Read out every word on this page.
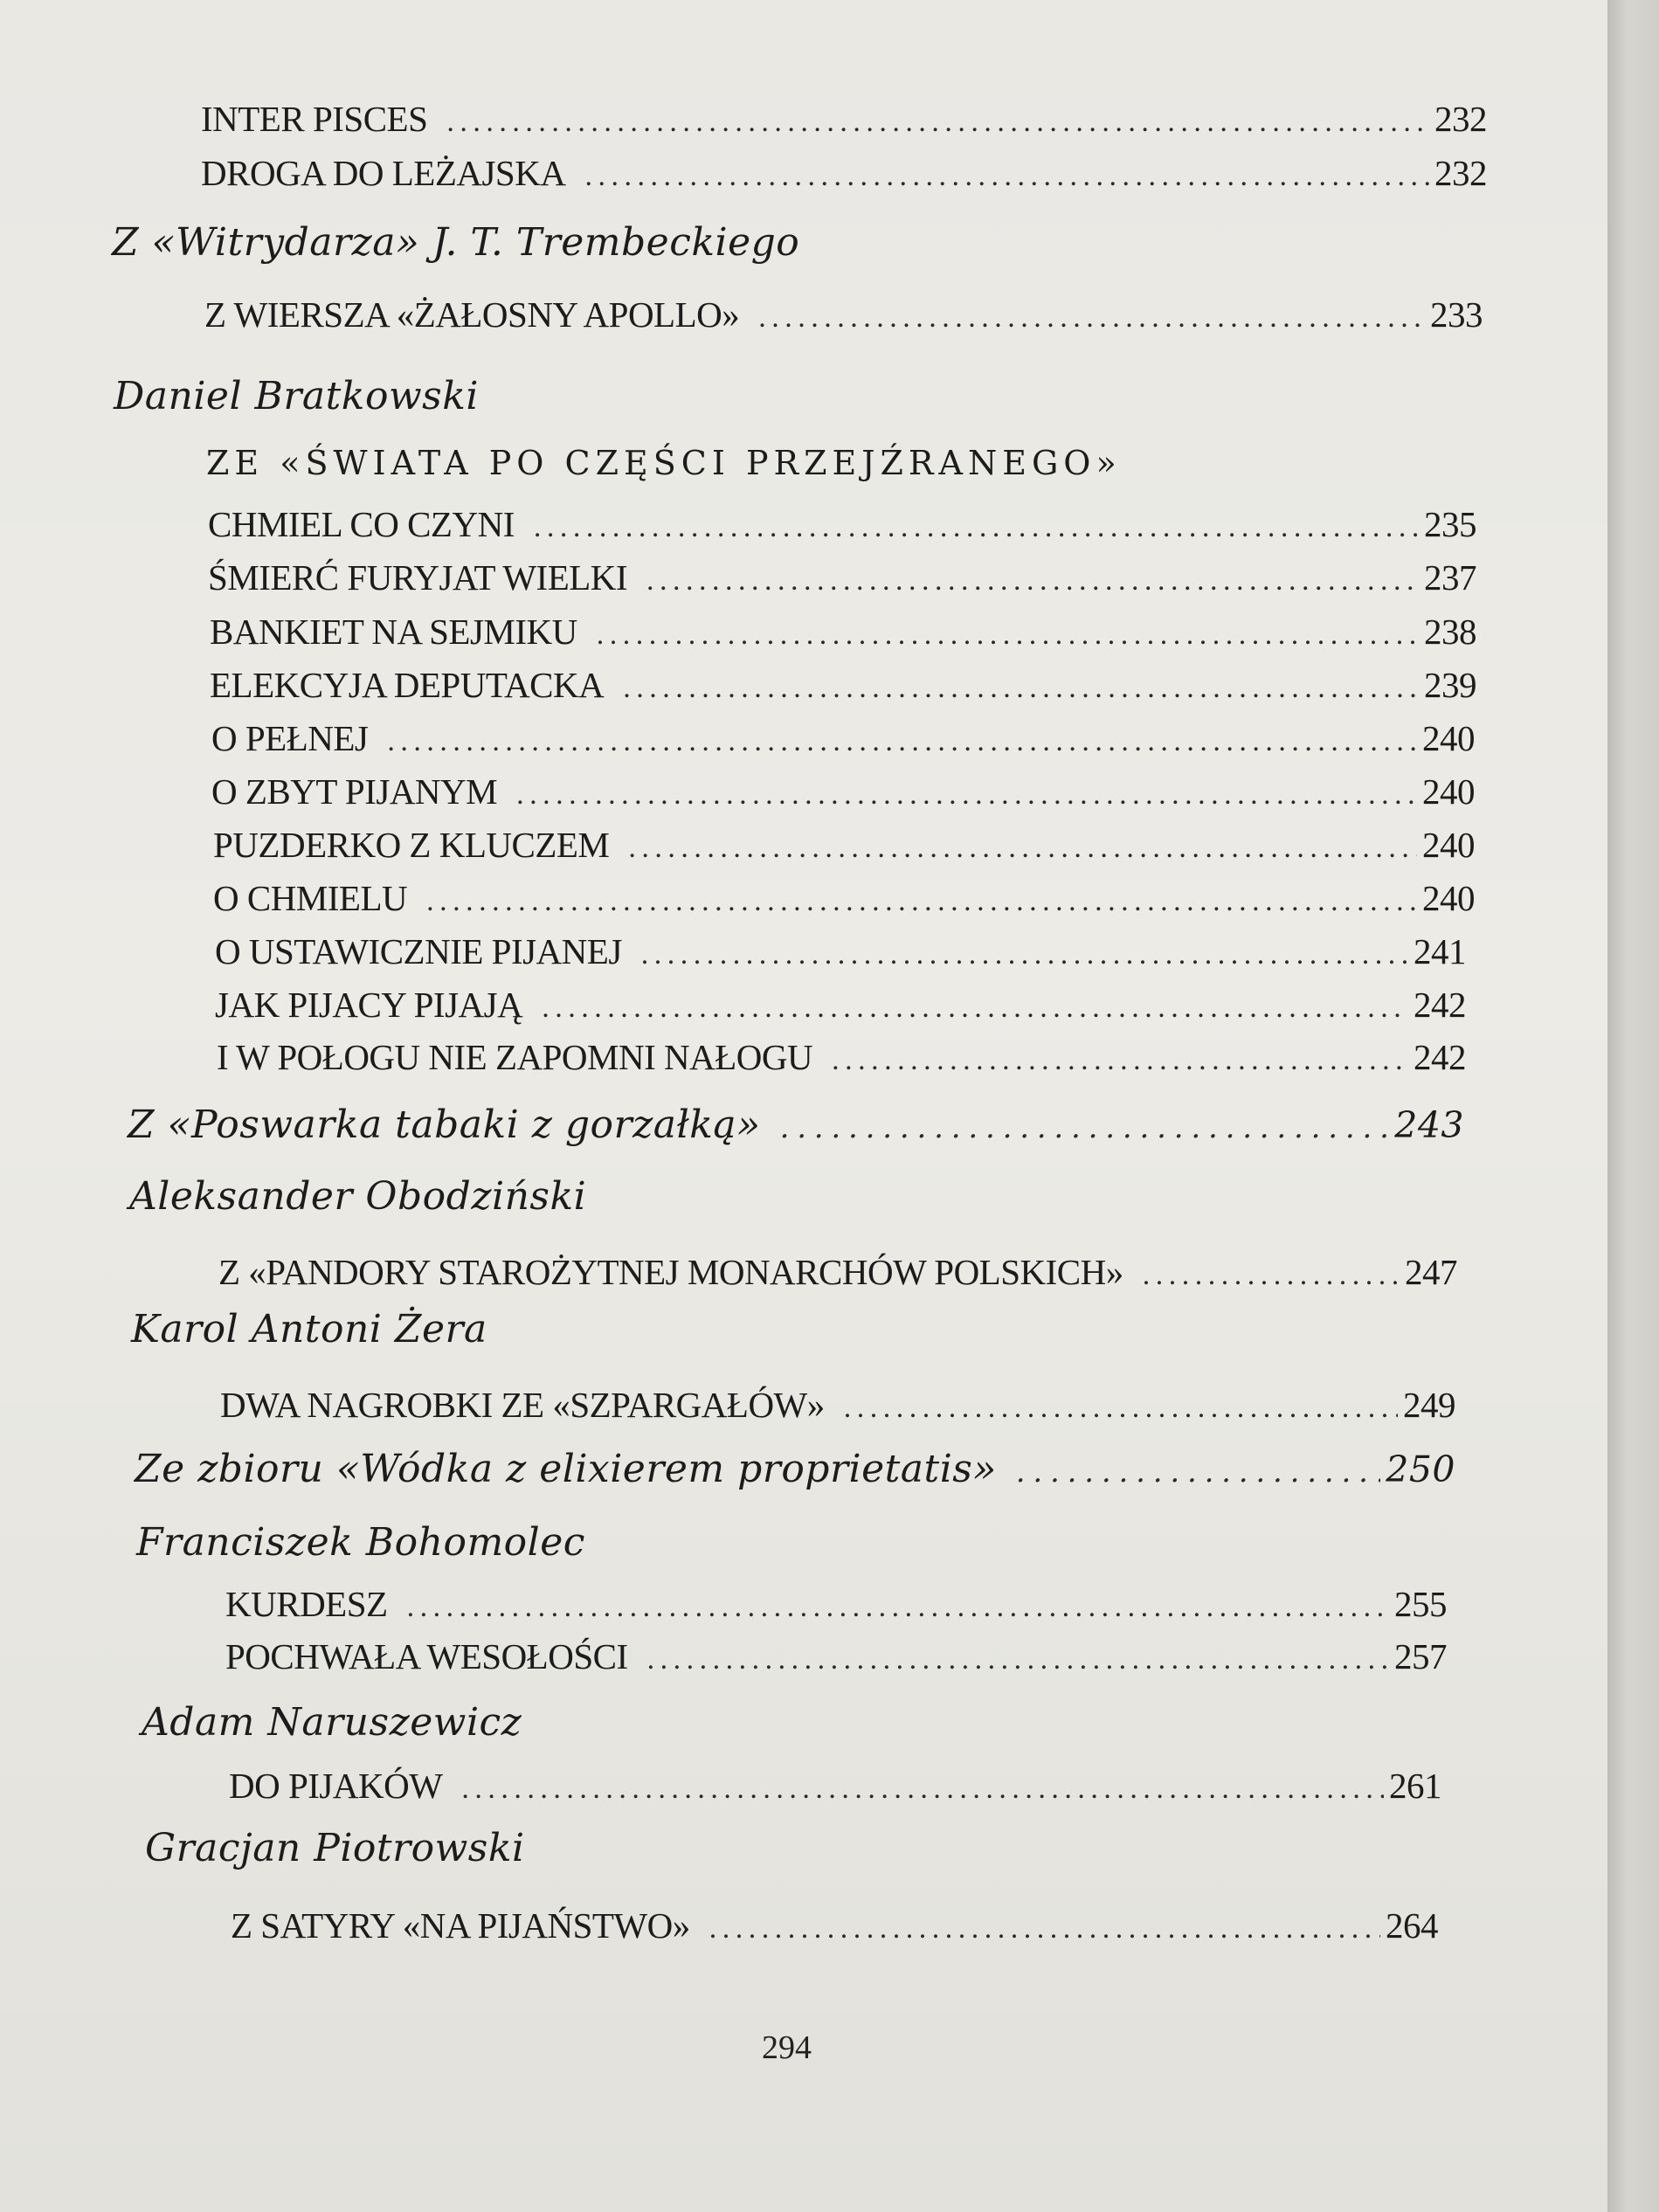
INTER PISCES . . .	232
DROGA DO LEŻAJSKA . . .	232
Z «Witrydarza» J. T. Trembeckiego
Z WIERSZA «ŻAŁOSNY APOLLO» . . .	233
Daniel Bratkowski
ZE «ŚWIATA PO CZĘŚCI PRZEJŹRANEGO»
CHMIEL CO CZYNI . . .	235
ŚMIERĆ FURYJAT WIELKI . . .	237
BANKIET NA SEJMIKU . . .	238
ELEKCYJA DEPUTACKA . . .	239
O PEŁNEJ . . .	240
O ZBYT PIJANYM . . .	240
PUZDERKO Z KLUCZEM . . .	240
O CHMIELU . . .	240
O USTAWICZNIE PIJANEJ . . .	241
JAK PIJACY PIJAJĄ . . .	242
I W POŁOGU NIE ZAPOMNI NAŁOGU . . .	242
Z «Poswarka tabaki z gorzałką» . . .	243
Aleksander Obodziński
Z «PANDORY STAROŻYTNEJ MONARCHÓW POLSKICH» . . .	247
Karol Antoni Żera
DWA NAGROBKI ZE «SZPARGAŁÓW» . . .	249
Ze zbioru «Wódka z elixierem proprietatis» . . .	250
Franciszek Bohomolec
KURDESZ . . .	255
POCHWAŁA WESOŁOŚCI . . .	257
Adam Naruszewicz
DO PIJAKÓW . . .	261
Gracjan Piotrowski
Z SATYRY «NA PIJAŃSTWO» . . .	264
294
